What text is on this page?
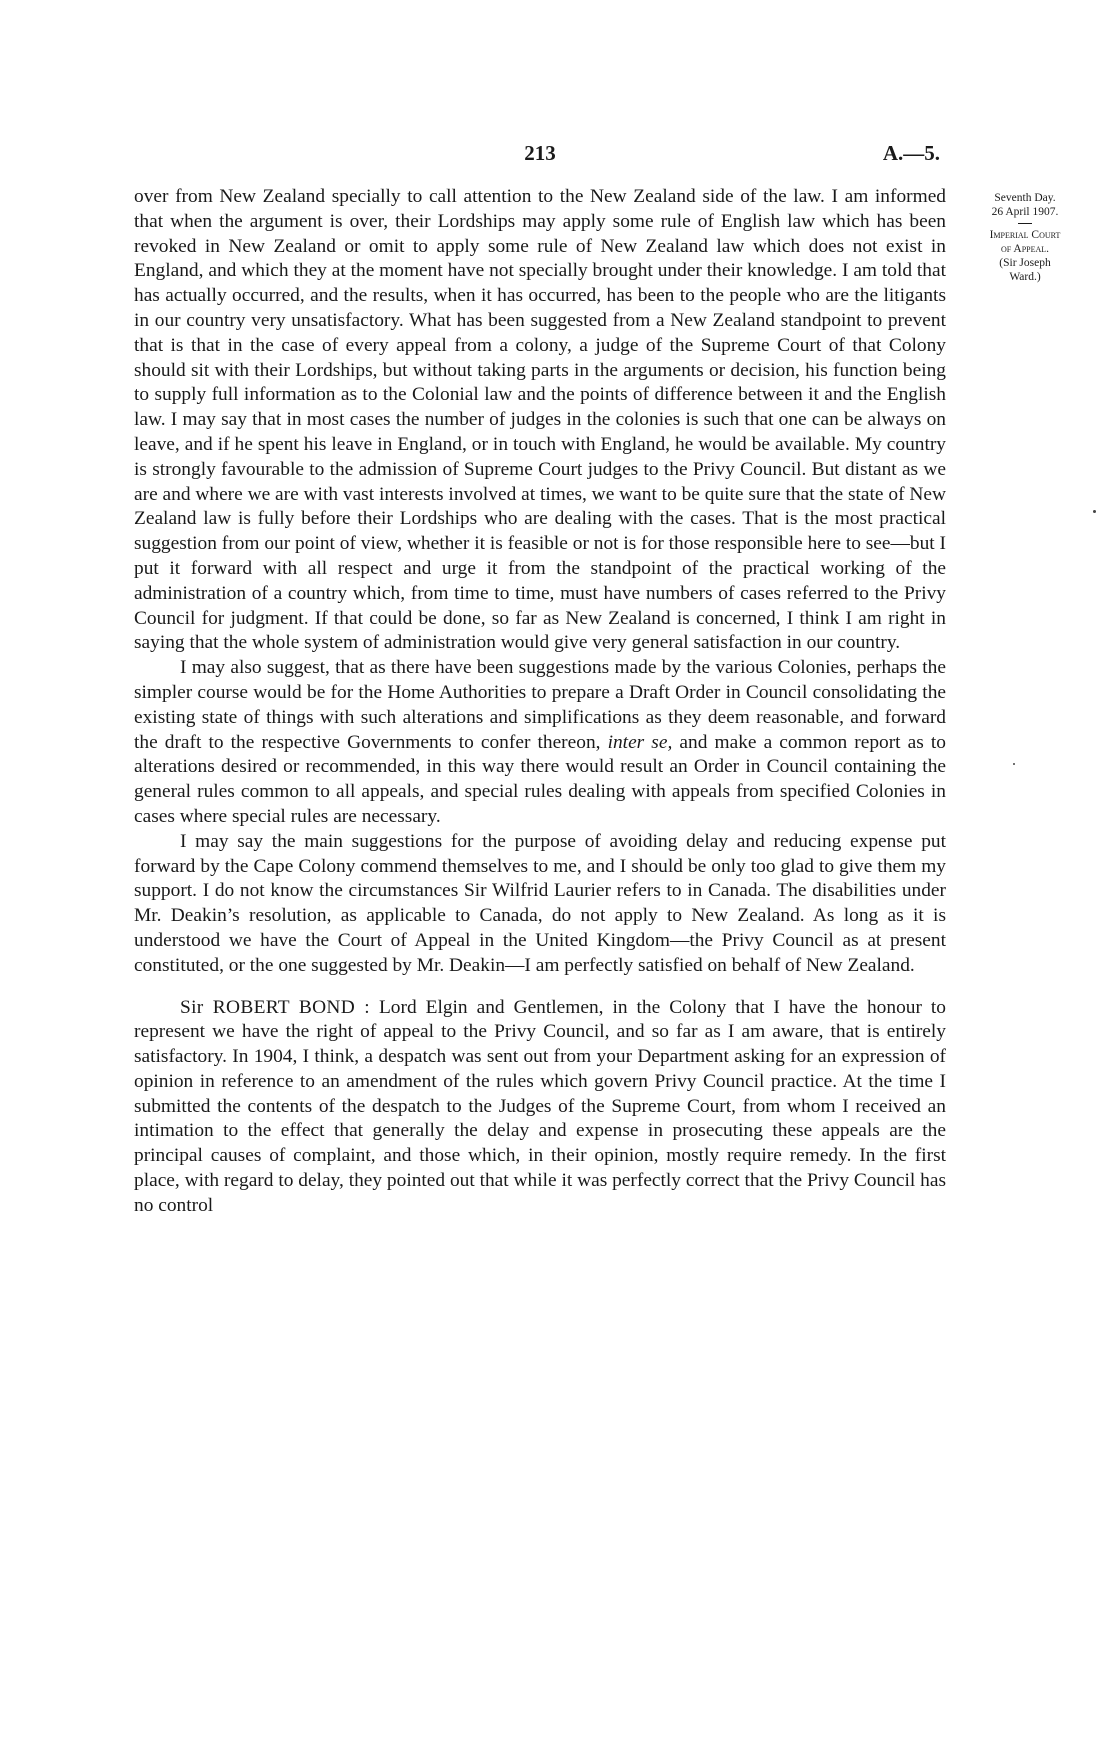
213	A.—5.
Seventh Day.
26 April 1907.
Imperial Court
of Appeal.
(Sir Joseph
Ward.)

over from New Zealand specially to call attention to the New Zealand side of the law. I am informed that when the argument is over, their Lordships may apply some rule of English law which has been revoked in New Zealand or omit to apply some rule of New Zealand law which does not exist in England, and which they at the moment have not specially brought under their knowledge. I am told that has actually occurred, and the results, when it has occurred, has been to the people who are the litigants in our country very unsatisfactory. What has been suggested from a New Zealand standpoint to prevent that is that in the case of every appeal from a colony, a judge of the Supreme Court of that Colony should sit with their Lordships, but without taking parts in the arguments or decision, his function being to supply full information as to the Colonial law and the points of difference between it and the English law. I may say that in most cases the number of judges in the colonies is such that one can be always on leave, and if he spent his leave in England, or in touch with England, he would be available. My country is strongly favourable to the admission of Supreme Court judges to the Privy Council. But distant as we are and where we are with vast interests involved at times, we want to be quite sure that the state of New Zealand law is fully before their Lordships who are dealing with the cases. That is the most practical suggestion from our point of view, whether it is feasible or not is for those responsible here to see—but I put it forward with all respect and urge it from the standpoint of the practical working of the administration of a country which, from time to time, must have numbers of cases referred to the Privy Council for judgment. If that could be done, so far as New Zealand is concerned, I think I am right in saying that the whole system of administration would give very general satisfaction in our country.

I may also suggest, that as there have been suggestions made by the various Colonies, perhaps the simpler course would be for the Home Authorities to prepare a Draft Order in Council consolidating the existing state of things with such alterations and simplifications as they deem reasonable, and forward the draft to the respective Governments to confer thereon, inter se, and make a common report as to alterations desired or recommended, in this way there would result an Order in Council containing the general rules common to all appeals, and special rules dealing with appeals from specified Colonies in cases where special rules are necessary.

I may say the main suggestions for the purpose of avoiding delay and reducing expense put forward by the Cape Colony commend themselves to me, and I should be only too glad to give them my support. I do not know the circumstances Sir Wilfrid Laurier refers to in Canada. The disabilities under Mr. Deakin’s resolution, as applicable to Canada, do not apply to New Zealand. As long as it is understood we have the Court of Appeal in the United Kingdom—the Privy Council as at present constituted, or the one suggested by Mr. Deakin—I am perfectly satisfied on behalf of New Zealand.

Sir ROBERT BOND : Lord Elgin and Gentlemen, in the Colony that I have the honour to represent we have the right of appeal to the Privy Council, and so far as I am aware, that is entirely satisfactory. In 1904, I think, a despatch was sent out from your Department asking for an expression of opinion in reference to an amendment of the rules which govern Privy Council practice. At the time I submitted the contents of the despatch to the Judges of the Supreme Court, from whom I received an intimation to the effect that generally the delay and expense in prosecuting these appeals are the principal causes of complaint, and those which, in their opinion, mostly require remedy. In the first place, with regard to delay, they pointed out that while it was perfectly correct that the Privy Council has no control
